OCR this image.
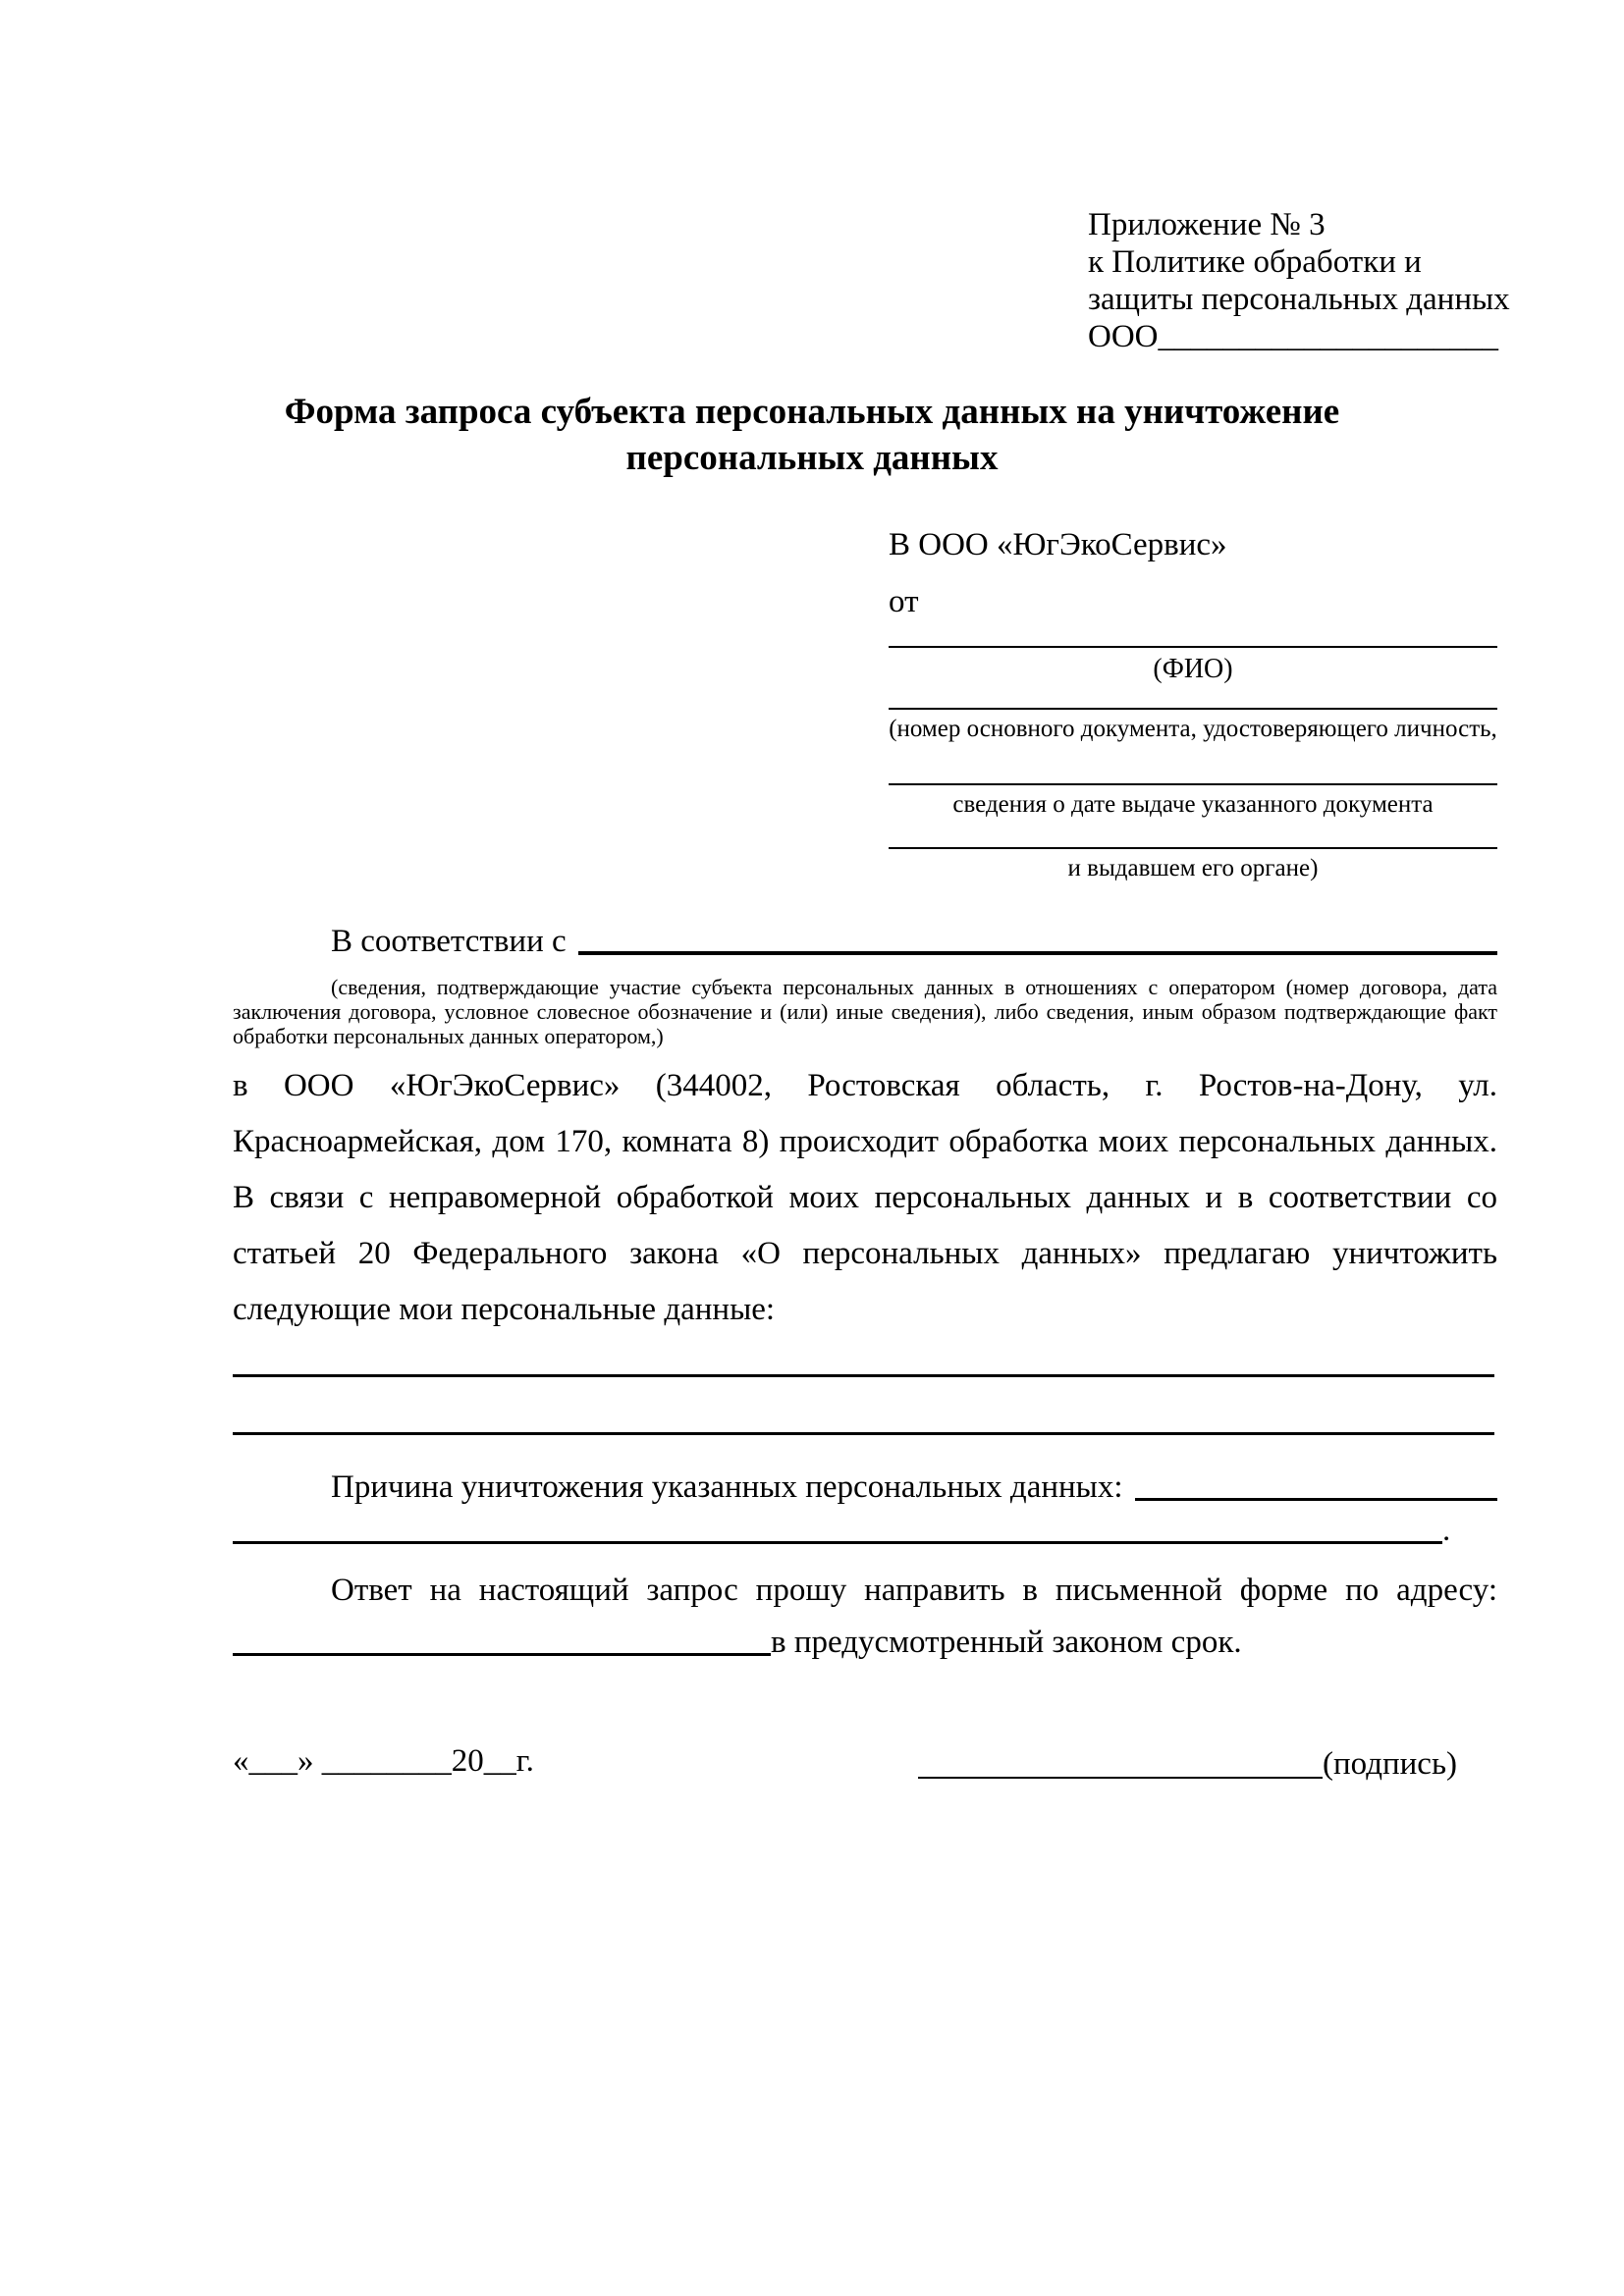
Приложение № 3
к Политике обработки и
защиты персональных данных
ООО_____________________
Форма запроса субъекта персональных данных на уничтожение
персональных данных
В ООО «ЮгЭкоСервис»
от
(ФИО)
(номер основного документа, удостоверяющего личность,
сведения о дате выдаче указанного документа
и выдавшем его органе)
В соответствии с
(сведения, подтверждающие участие субъекта персональных данных в отношениях с оператором (номер договора, дата
заключения договора, условное словесное обозначение и (или) иные сведения), либо сведения, иным образом подтверждающие факт
обработки персональных данных оператором,)
в ООО «ЮгЭкоСервис» (344002, Ростовская область, г. Ростов-на-Дону, ул.
Красноармейская, дом 170, комната 8) происходит обработка моих персональных данных.
В связи с неправомерной обработкой моих персональных данных и в соответствии со
статьей 20 Федерального закона «О персональных данных» предлагаю уничтожить
следующие мои персональные данные:
Причина уничтожения указанных персональных данных:
.
Ответ на настоящий запрос прошу направить в письменной форме по адресу:
в предусмотренный законом срок.
«___» ________20__г.	(подпись)
